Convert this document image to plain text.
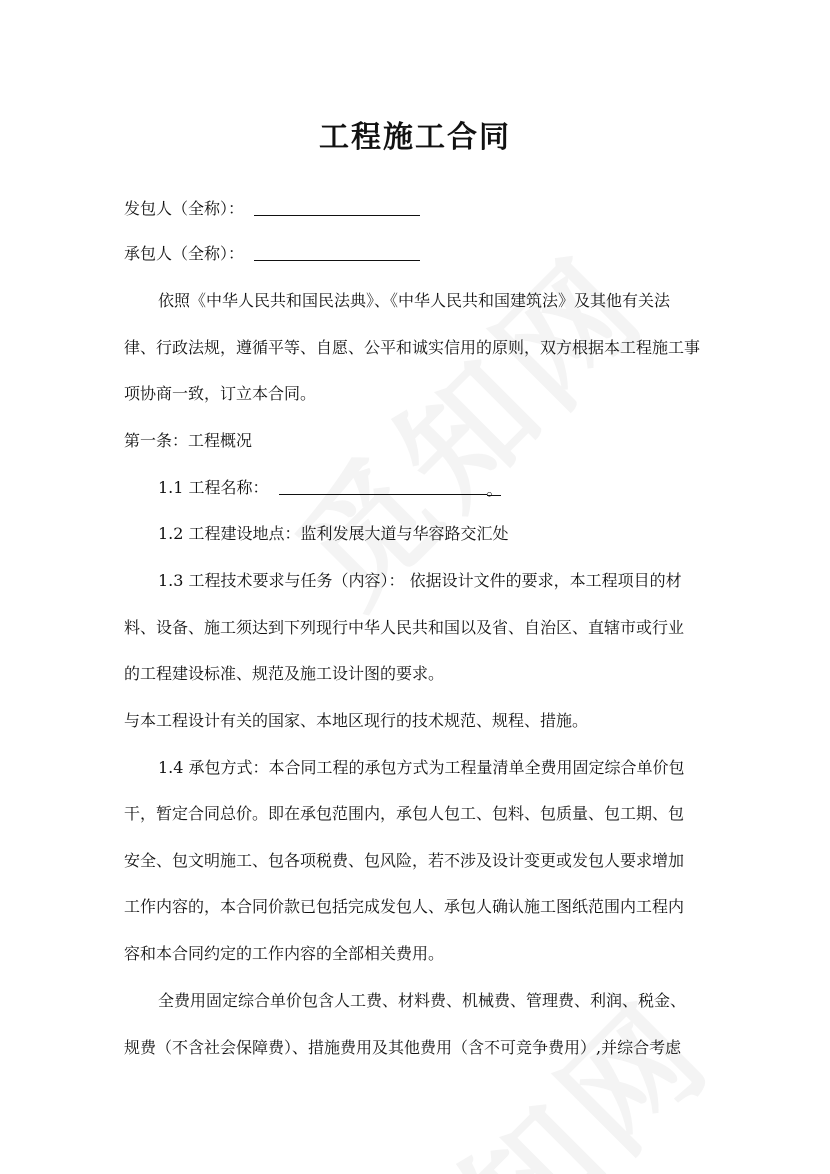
工程施工合同
发包人（全称）：
承包人（全称）：
依照《中华人民共和国民法典》、《中华人民共和国建筑法》及其他有关法
律、行政法规，遵循平等、自愿、公平和诚实信用的原则，双方根据本工程施工事
项协商一致，订立本合同。
第一条：工程概况
1.1 工程名称：	。
1.2 工程建设地点：监利发展大道与华容路交汇处
1.3 工程技术要求与任务（内容）： 依据设计文件的要求，本工程项目的材
料、设备、施工须达到下列现行中华人民共和国以及省、自治区、直辖市或行业
的工程建设标准、规范及施工设计图的要求。
与本工程设计有关的国家、本地区现行的技术规范、规程、措施。
1.4 承包方式：本合同工程的承包方式为工程量清单全费用固定综合单价包
干，暂定合同总价。即在承包范围内，承包人包工、包料、包质量、包工期、包
安全、包文明施工、包各项税费、包风险，若不涉及设计变更或发包人要求增加
工作内容的，本合同价款已包括完成发包人、承包人确认施工图纸范围内工程内
容和本合同约定的工作内容的全部相关费用。
全费用固定综合单价包含人工费、材料费、机械费、管理费、利润、税金、
规费（不含社会保障费）、措施费用及其他费用（含不可竞争费用）,并综合考虑
